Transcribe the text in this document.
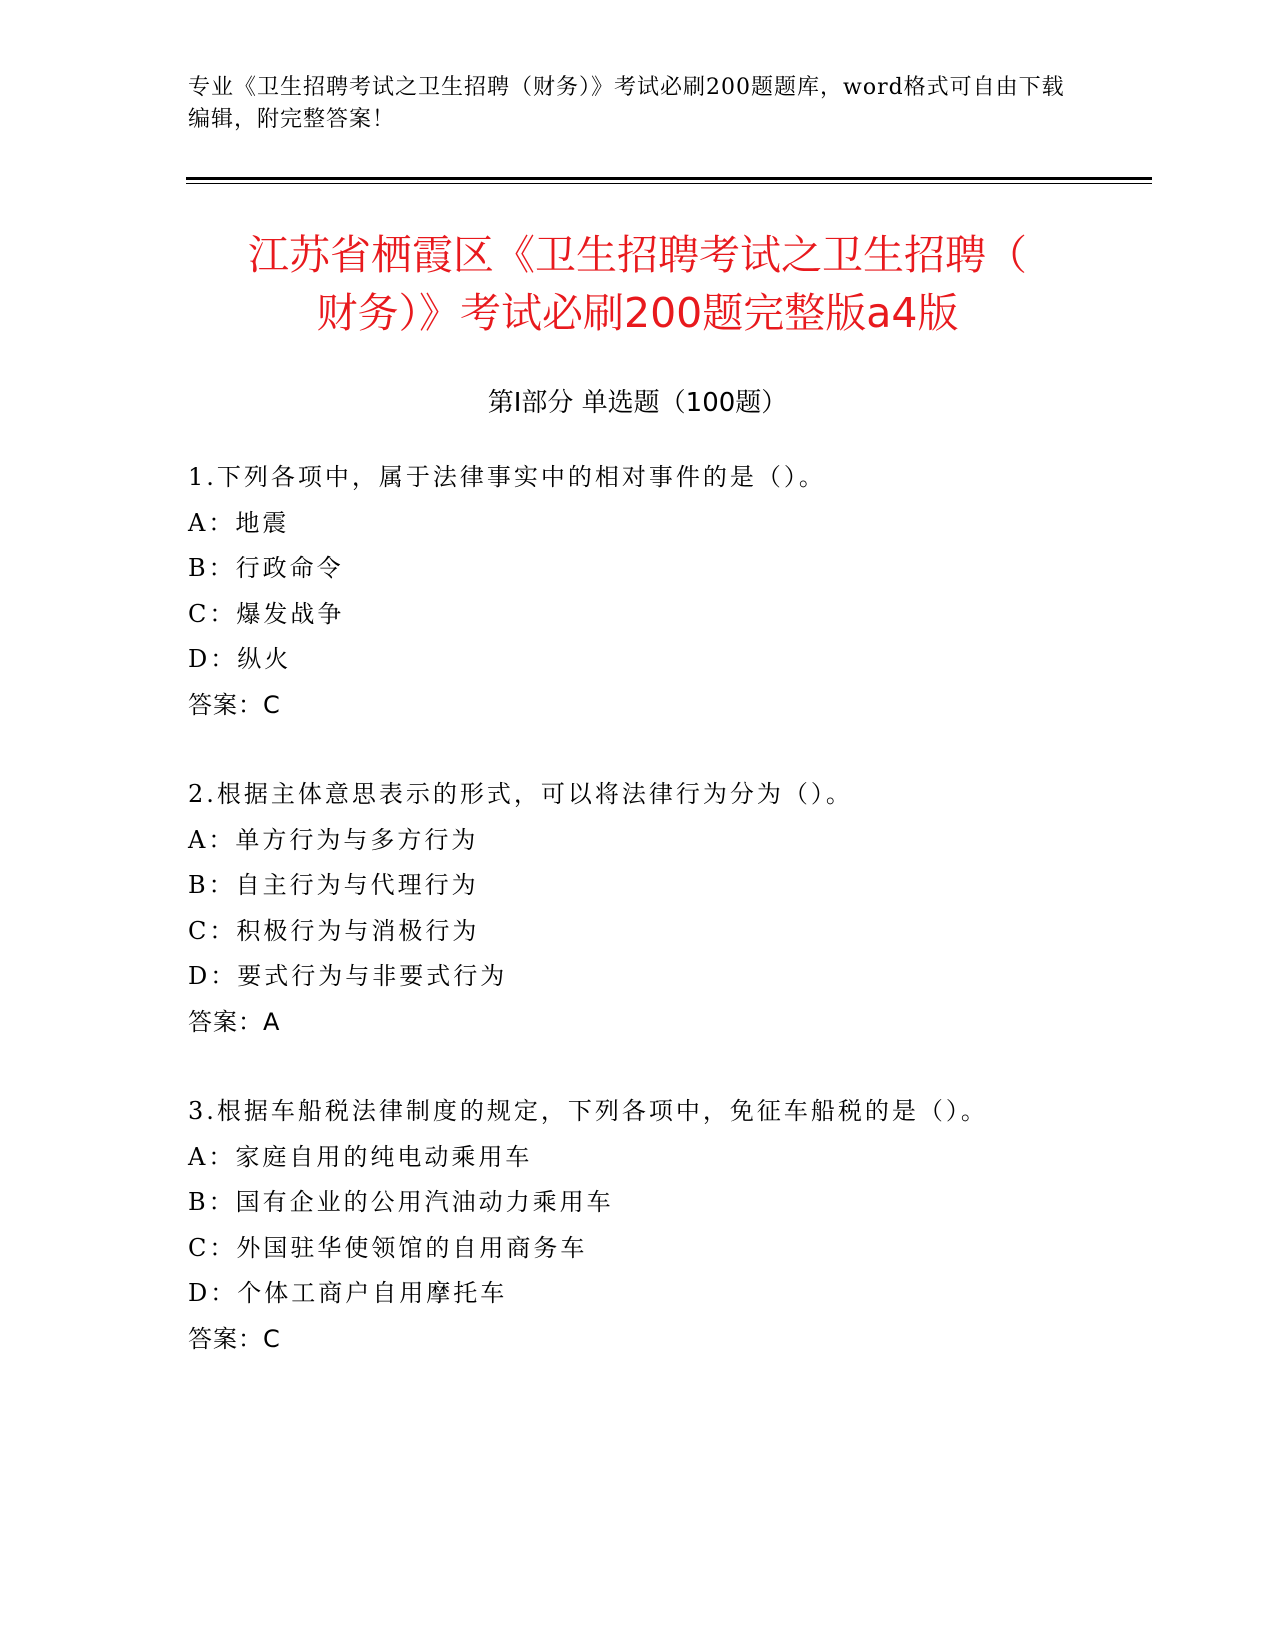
专业《卫生招聘考试之卫生招聘（财务）》考试必刷200题题库，word格式可自由下载编辑，附完整答案！
江苏省栖霞区《卫生招聘考试之卫生招聘（
财务）》考试必刷200题完整版a4版
第Ⅰ部分 单选题（100题）
1.下列各项中，属于法律事实中的相对事件的是（）。
A：地震
B：行政命令
C：爆发战争
D：纵火
答案：C
2.根据主体意思表示的形式，可以将法律行为分为（）。
A：单方行为与多方行为
B：自主行为与代理行为
C：积极行为与消极行为
D：要式行为与非要式行为
答案：A
3.根据车船税法律制度的规定，下列各项中，免征车船税的是（）。
A：家庭自用的纯电动乘用车
B：国有企业的公用汽油动力乘用车
C：外国驻华使领馆的自用商务车
D：个体工商户自用摩托车
答案：C
